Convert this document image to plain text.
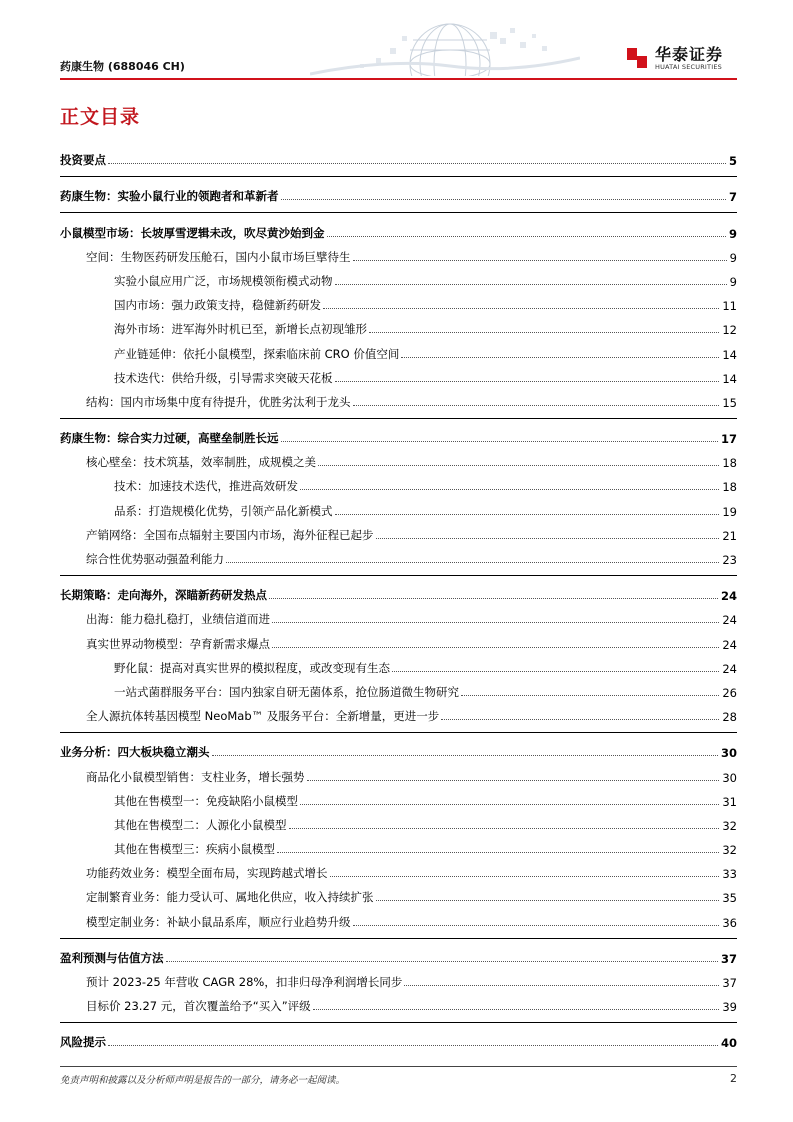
药康生物 (688046 CH)
华泰证券
HUATAI SECURITIES
正文目录
投资要点	5
药康生物：实验小鼠行业的领跑者和革新者	7
小鼠模型市场：长坡厚雪逻辑未改，吹尽黄沙始到金	9
空间：生物医药研发压舱石，国内小鼠市场巨擘待生	9
实验小鼠应用广泛，市场规模领衔模式动物	9
国内市场：强力政策支持，稳健新药研发	11
海外市场：进军海外时机已至，新增长点初现雏形	12
产业链延伸：依托小鼠模型，探索临床前 CRO 价值空间	14
技术迭代：供给升级，引导需求突破天花板	14
结构：国内市场集中度有待提升，优胜劣汰利于龙头	15
药康生物：综合实力过硬，高壁垒制胜长远	17
核心壁垒：技术筑基，效率制胜，成规模之美	18
技术：加速技术迭代，推进高效研发	18
品系：打造规模化优势，引领产品化新模式	19
产销网络：全国布点辐射主要国内市场，海外征程已起步	21
综合性优势驱动强盈利能力	23
长期策略：走向海外，深瞄新药研发热点	24
出海：能力稳扎稳打，业绩信道而进	24
真实世界动物模型：孕育新需求爆点	24
野化鼠：提高对真实世界的模拟程度，或改变现有生态	24
一站式菌群服务平台：国内独家自研无菌体系，抢位肠道微生物研究	26
全人源抗体转基因模型 NeoMab™ 及服务平台：全新增量，更进一步	28
业务分析：四大板块稳立潮头	30
商品化小鼠模型销售：支柱业务，增长强势	30
其他在售模型一：免疫缺陷小鼠模型	31
其他在售模型二：人源化小鼠模型	32
其他在售模型三：疾病小鼠模型	32
功能药效业务：模型全面布局，实现跨越式增长	33
定制繁育业务：能力受认可、属地化供应，收入持续扩张	35
模型定制业务：补缺小鼠品系库，顺应行业趋势升级	36
盈利预测与估值方法	37
预计 2023-25 年营收 CAGR 28%，扣非归母净利润增长同步	37
目标价 23.27 元，首次覆盖给予“买入”评级	39
风险提示	40
免责声明和披露以及分析师声明是报告的一部分，请务必一起阅读。	2
